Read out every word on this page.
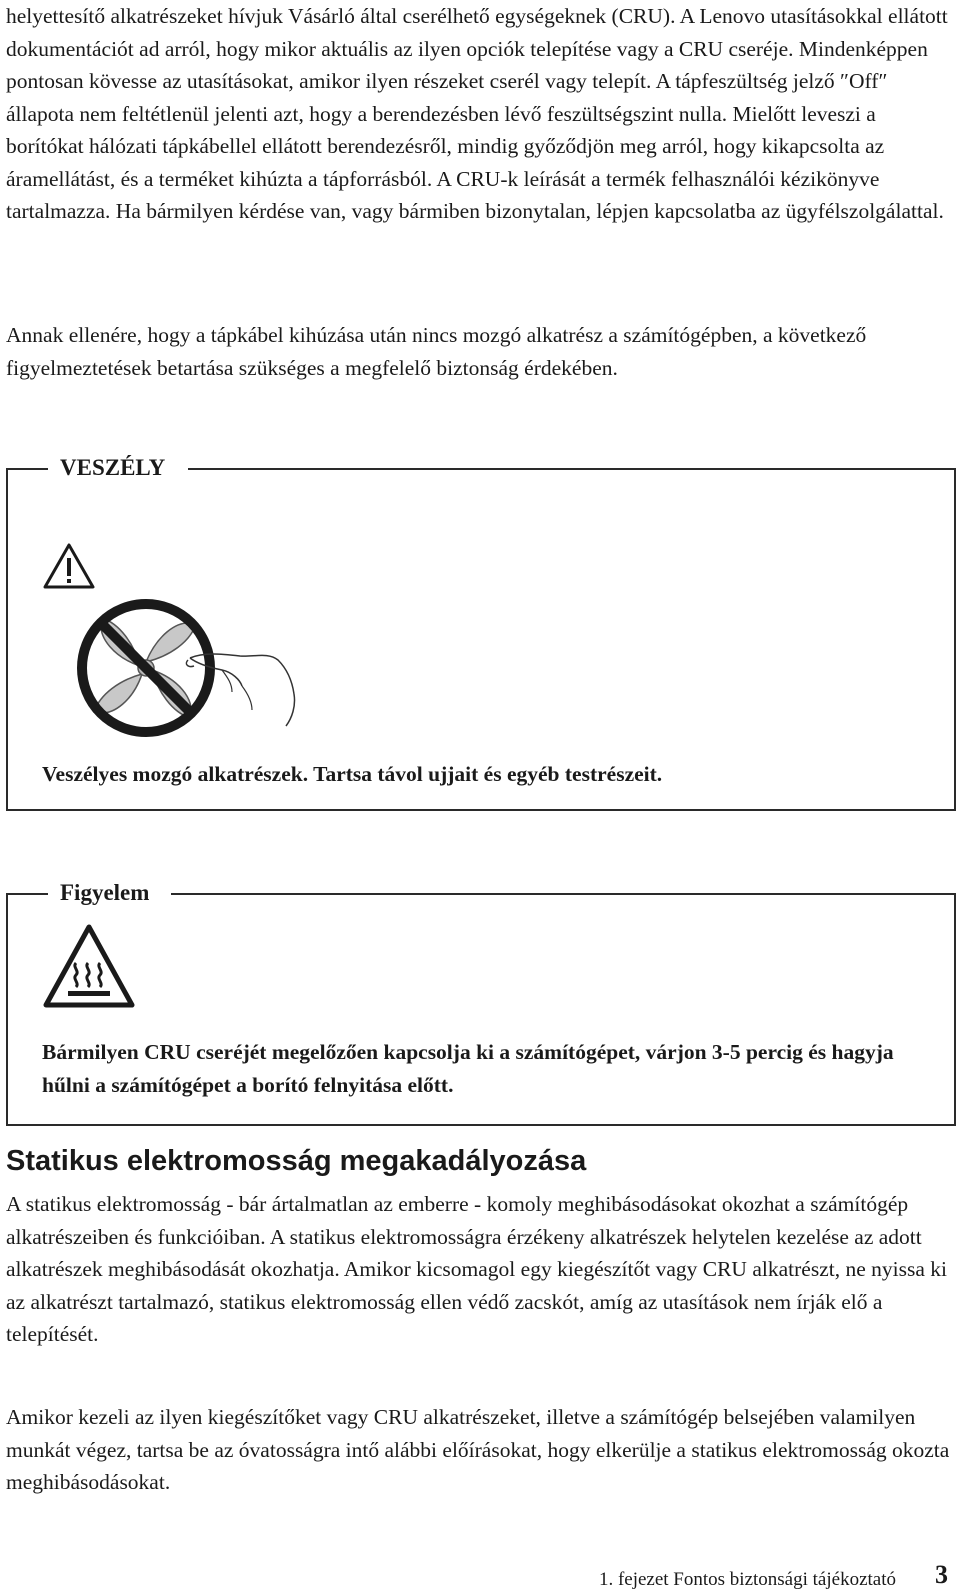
helyettesítő alkatrészeket hívjuk Vásárló által cserélhető egységeknek (CRU). A Lenovo utasításokkal ellátott dokumentációt ad arról, hogy mikor aktuális az ilyen opciók telepítése vagy a CRU cseréje. Mindenképpen pontosan kövesse az utasításokat, amikor ilyen részeket cserél vagy telepít. A tápfeszültség jelző ″Off″ állapota nem feltétlenül jelenti azt, hogy a berendezésben lévő feszültségszint nulla. Mielőtt leveszi a borítókat hálózati tápkábellel ellátott berendezésről, mindig győződjön meg arról, hogy kikapcsolta az áramellátást, és a terméket kihúzta a tápforrásból. A CRU-k leírását a termék felhasználói kézikönyve tartalmazza. Ha bármilyen kérdése van, vagy bármiben bizonytalan, lépjen kapcsolatba az ügyfélszolgálattal.

Annak ellenére, hogy a tápkábel kihúzása után nincs mozgó alkatrész a számítógépben, a következő figyelmeztetések betartása szükséges a megfelelő biztonság érdekében.

VESZÉLY

Veszélyes mozgó alkatrészek. Tartsa távol ujjait és egyéb testrészeit.

Figyelem

Bármilyen CRU cseréjét megelőzően kapcsolja ki a számítógépet, várjon 3-5 percig és hagyja hűlni a számítógépet a borító felnyitása előtt.

Statikus elektromosság megakadályozása

A statikus elektromosság - bár ártalmatlan az emberre - komoly meghibásodásokat okozhat a számítógép alkatrészeiben és funkcióiban. A statikus elektromosságra érzékeny alkatrészek helytelen kezelése az adott alkatrészek meghibásodását okozhatja. Amikor kicsomagol egy kiegészítőt vagy CRU alkatrészt, ne nyissa ki az alkatrészt tartalmazó, statikus elektromosság ellen védő zacskót, amíg az utasítások nem írják elő a telepítését.

Amikor kezeli az ilyen kiegészítőket vagy CRU alkatrészeket, illetve a számítógép belsejében valamilyen munkát végez, tartsa be az óvatosságra intő alábbi előírásokat, hogy elkerülje a statikus elektromosság okozta meghibásodásokat.

1. fejezet Fontos biztonsági tájékoztató 3
